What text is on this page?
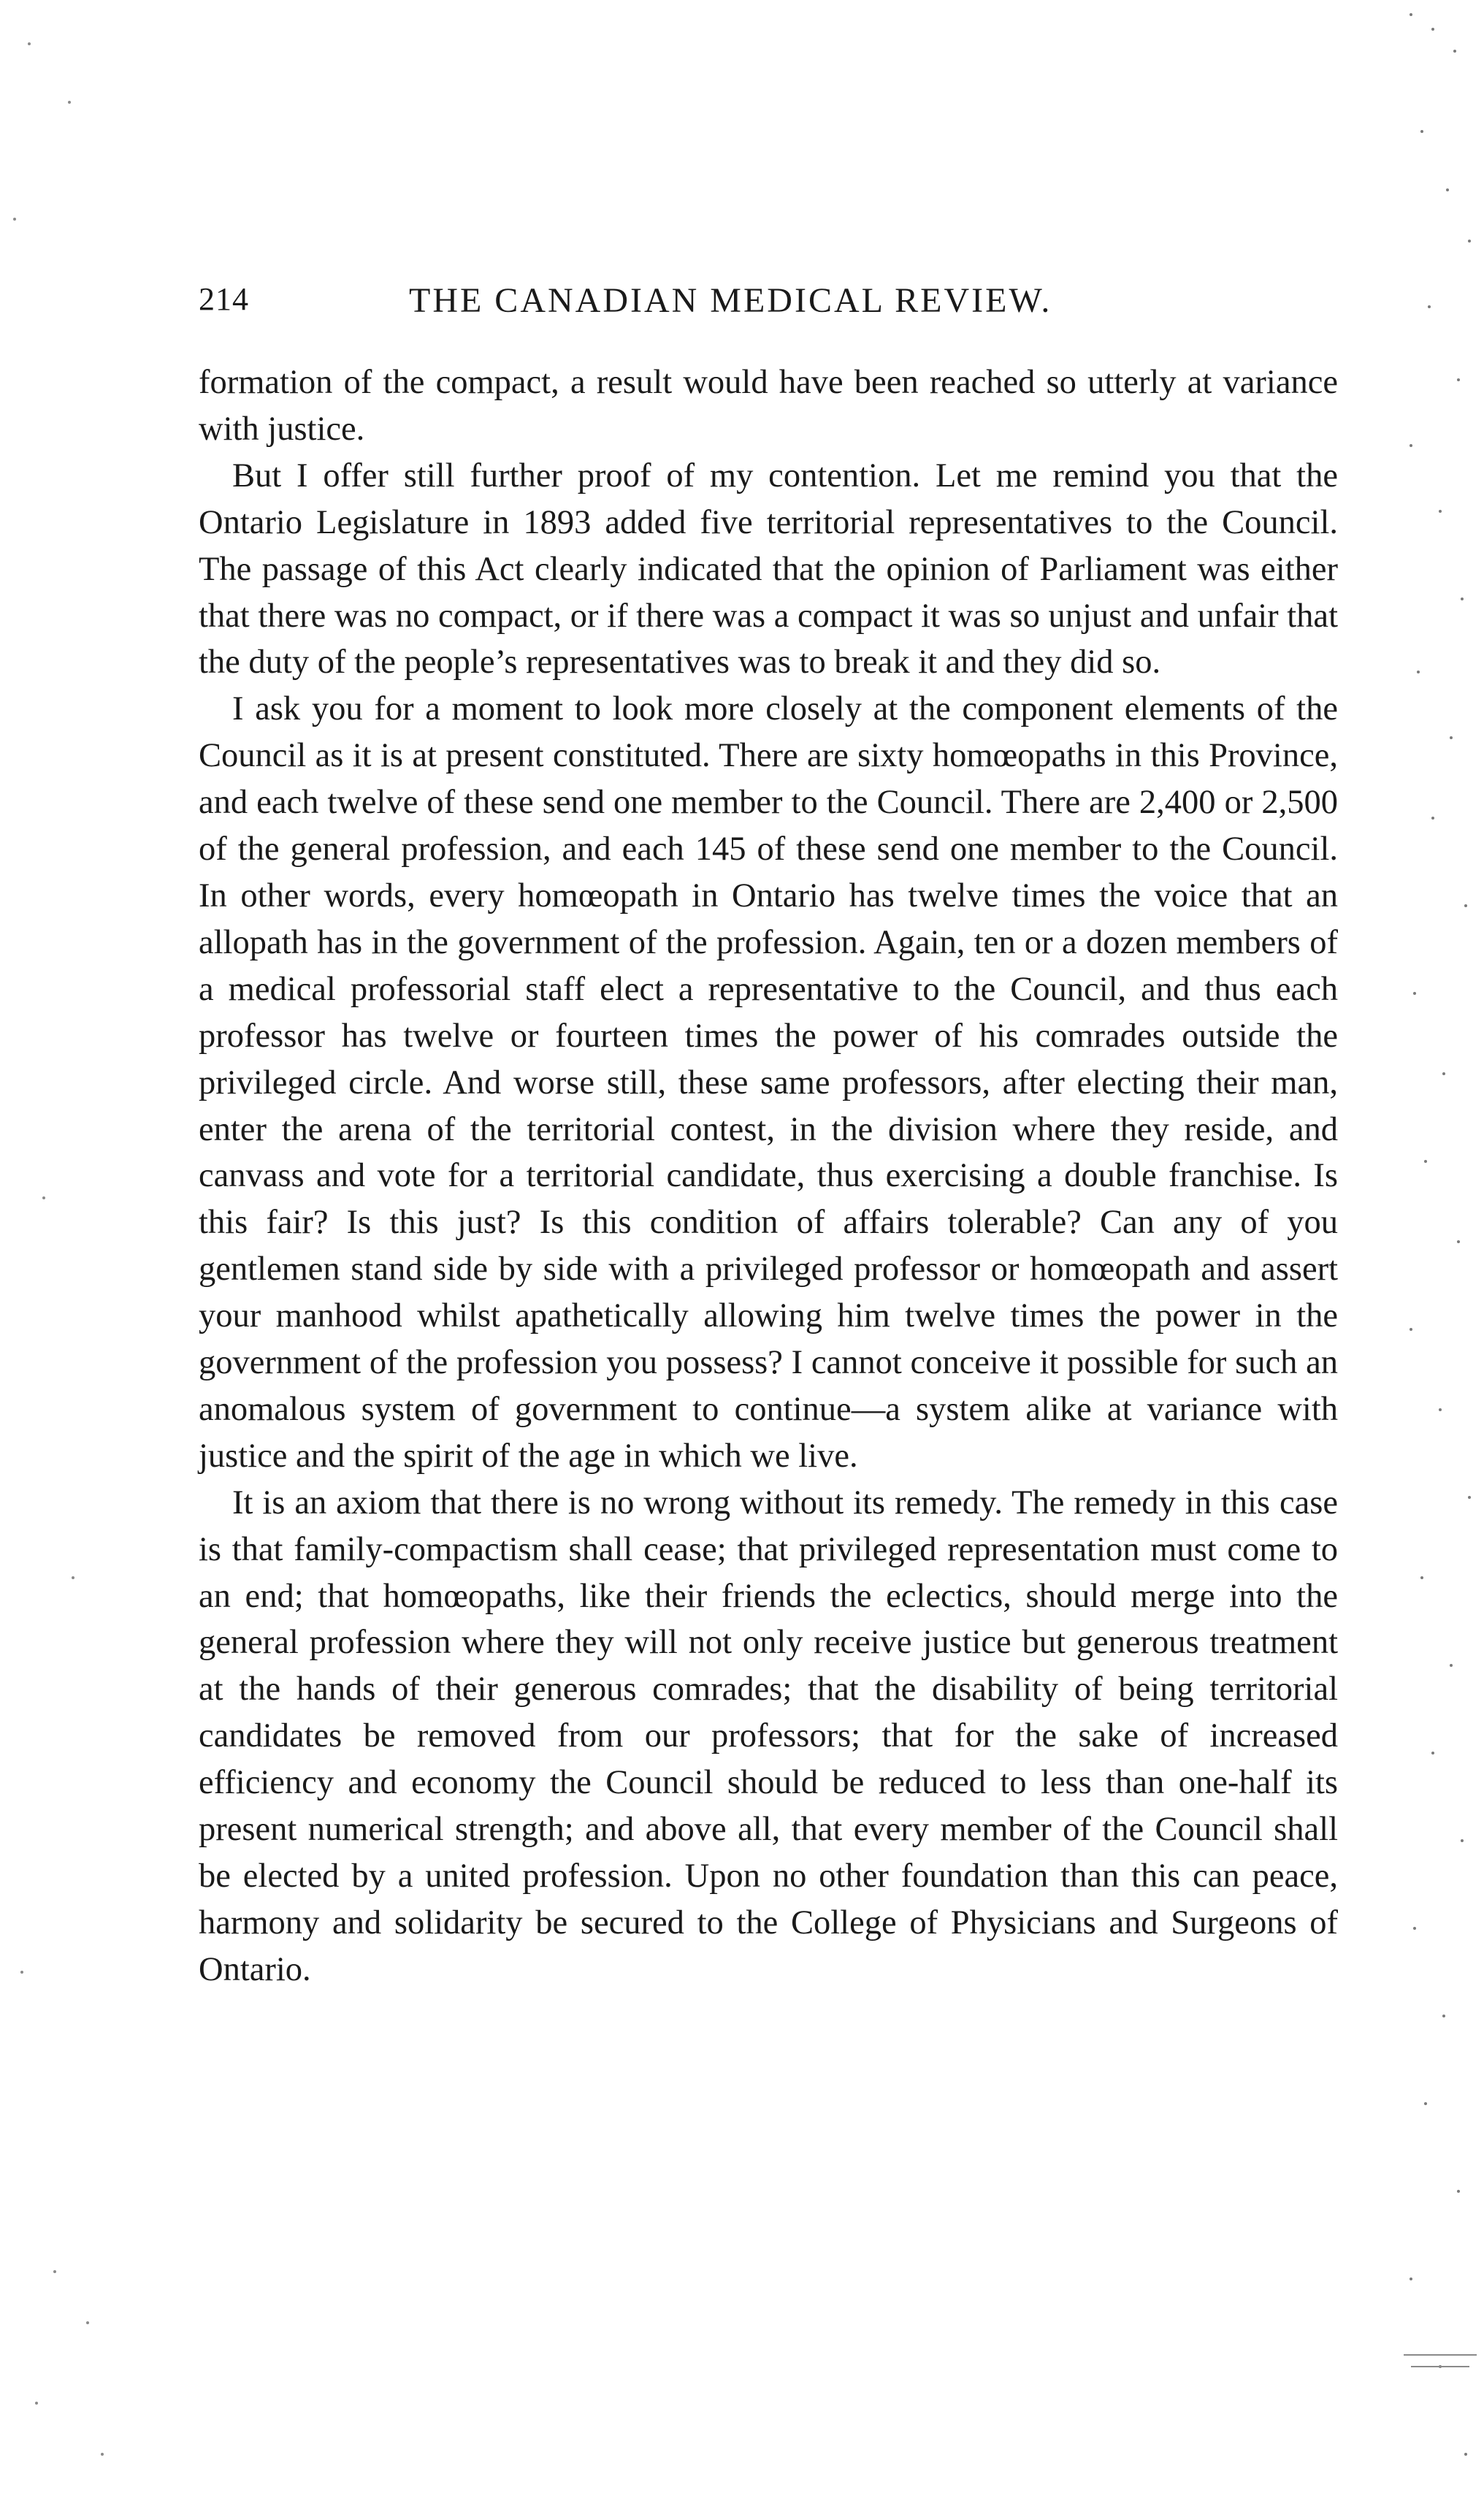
214	THE CANADIAN MEDICAL REVIEW.

formation of the compact, a result would have been reached so utterly at variance with justice.

But I offer still further proof of my contention. Let me remind you that the Ontario Legislature in 1893 added five territorial representatives to the Council. The passage of this Act clearly indicated that the opinion of Parliament was either that there was no compact, or if there was a compact it was so unjust and unfair that the duty of the people’s representatives was to break it and they did so.

I ask you for a moment to look more closely at the component elements of the Council as it is at present constituted. There are sixty homœopaths in this Province, and each twelve of these send one member to the Council. There are 2,400 or 2,500 of the general profession, and each 145 of these send one member to the Council. In other words, every homœopath in Ontario has twelve times the voice that an allopath has in the government of the profession. Again, ten or a dozen members of a medical professorial staff elect a representative to the Council, and thus each professor has twelve or fourteen times the power of his comrades outside the privileged circle. And worse still, these same professors, after electing their man, enter the arena of the territorial contest, in the division where they reside, and canvass and vote for a territorial candidate, thus exercising a double franchise. Is this fair? Is this just? Is this condition of affairs tolerable? Can any of you gentlemen stand side by side with a privileged professor or homœopath and assert your manhood whilst apathetically allowing him twelve times the power in the government of the profession you possess? I cannot conceive it possible for such an anomalous system of government to continue—a system alike at variance with justice and the spirit of the age in which we live.

It is an axiom that there is no wrong without its remedy. The remedy in this case is that family-compactism shall cease; that privileged representation must come to an end; that homœopaths, like their friends the eclectics, should merge into the general profession where they will not only receive justice but generous treatment at the hands of their generous comrades; that the disability of being territorial candidates be removed from our professors; that for the sake of increased efficiency and economy the Council should be reduced to less than one-half its present numerical strength; and above all, that every member of the Council shall be elected by a united profession. Upon no other foundation than this can peace, harmony and solidarity be secured to the College of Physicians and Surgeons of Ontario.
